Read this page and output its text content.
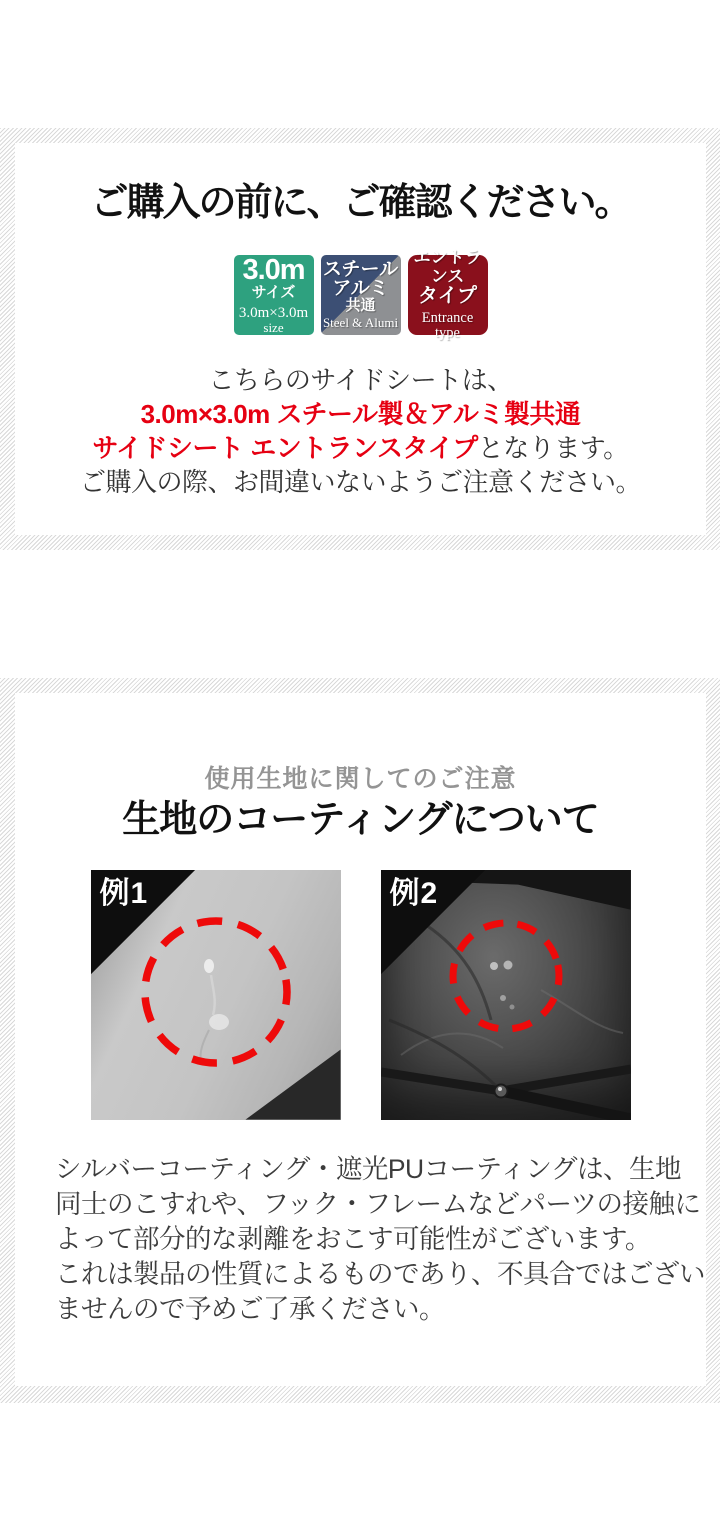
ご購入の前に、ご確認ください。
3.0m
サイズ
3.0m×3.0m
size
スチール
アルミ
共通
Steel & Alumi
エントランス
タイプ
Entrance type

こちらのサイドシートは、
3.0m×3.0m スチール製＆アルミ製共通
サイドシート エントランスタイプとなります。
ご購入の際、お間違いないようご注意ください。

使用生地に関してのご注意
生地のコーティングについて
例1	例2
シルバーコーティング・遮光PUコーティングは、生地
同士のこすれや、フック・フレームなどパーツの接触に
よって部分的な剥離をおこす可能性がございます。
これは製品の性質によるものであり、不具合ではござい
ませんので予めご了承ください。
